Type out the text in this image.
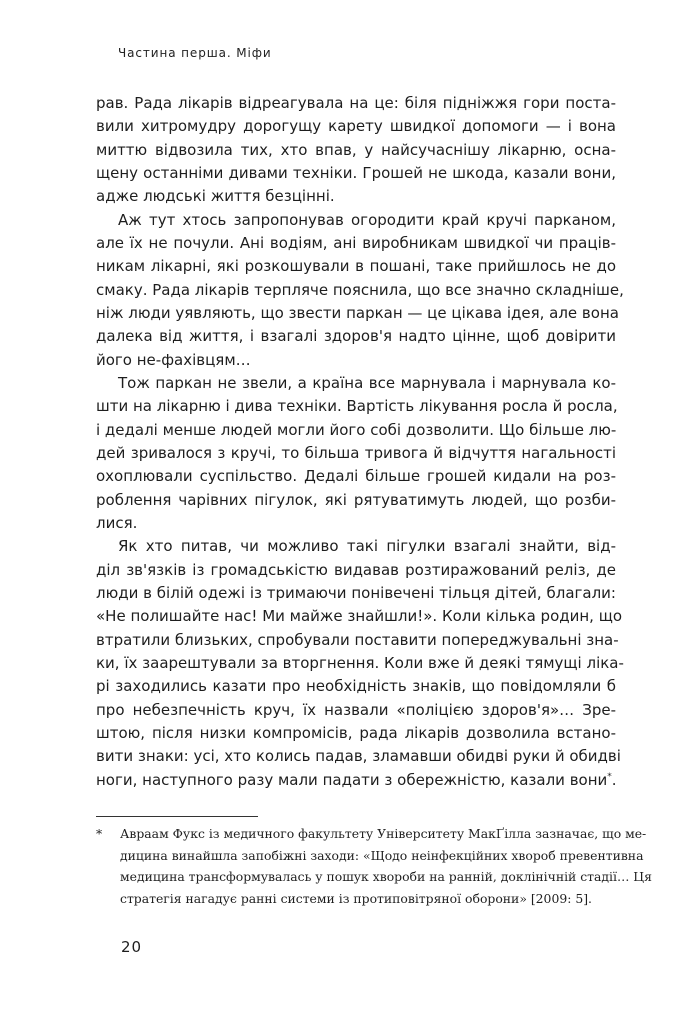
Частина перша. Міфи
рав. Рада лікарів відреагувала на це: біля підніжжя гори поста-
вили хитромудру дорогущу карету швидкої допомоги — і вона
миттю відвозила тих, хто впав, у найсучаснішу лікарню, осна-
щену останніми дивами техніки. Грошей не шкода, казали вони,
адже людські життя безцінні.
Аж тут хтось запропонував огородити край кручі парканом,
але їх не почули. Ані водіям, ані виробникам швидкої чи праців-
никам лікарні, які розкошували в пошані, таке прийшлось не до
смаку. Рада лікарів терпляче пояснила, що все значно складніше,
ніж люди уявляють, що звести паркан — це цікава ідея, але вона
далека від життя, і взагалі здоров'я надто цінне, щоб довірити
його не-фахівцям…
Тож паркан не звели, а країна все марнувала і марнувала ко-
шти на лікарню і дива техніки. Вартість лікування росла й росла,
і дедалі менше людей могли його собі дозволити. Що більше лю-
дей зривалося з кручі, то більша тривога й відчуття нагальності
охоплювали суспільство. Дедалі більше грошей кидали на роз-
роблення чарівних пігулок, які рятуватимуть людей, що розби-
лися.
Як хто питав, чи можливо такі пігулки взагалі знайти, від-
діл зв'язків із громадськістю видавав розтиражований реліз, де
люди в білій одежі із тримаючи понівечені тільця дітей, благали:
«Не полишайте нас! Ми майже знайшли!». Коли кілька родин, що
втратили близьких, спробували поставити попереджувальні зна-
ки, їх заарештували за вторгнення. Коли вже й деякі тямущі ліка-
рі заходились казати про необхідність знаків, що повідомляли б
про небезпечність круч, їх назвали «поліцією здоров'я»… Зре-
штою, після низки компромісів, рада лікарів дозволила встано-
вити знаки: усі, хто колись падав, зламавши обидві руки й обидві
ноги, наступного разу мали падати з обережністю, казали вони*.
* Авраам Фукс із медичного факультету Університету МакҐілла зазначає, що ме-
дицина винайшла запобіжні заходи: «Щодо неінфекційних хвороб превентивна
медицина трансформувалась у пошук хвороби на ранній, доклінічній стадії… Ця
стратегія нагадує ранні системи із протиповітряної оборони» [2009: 5].
20
